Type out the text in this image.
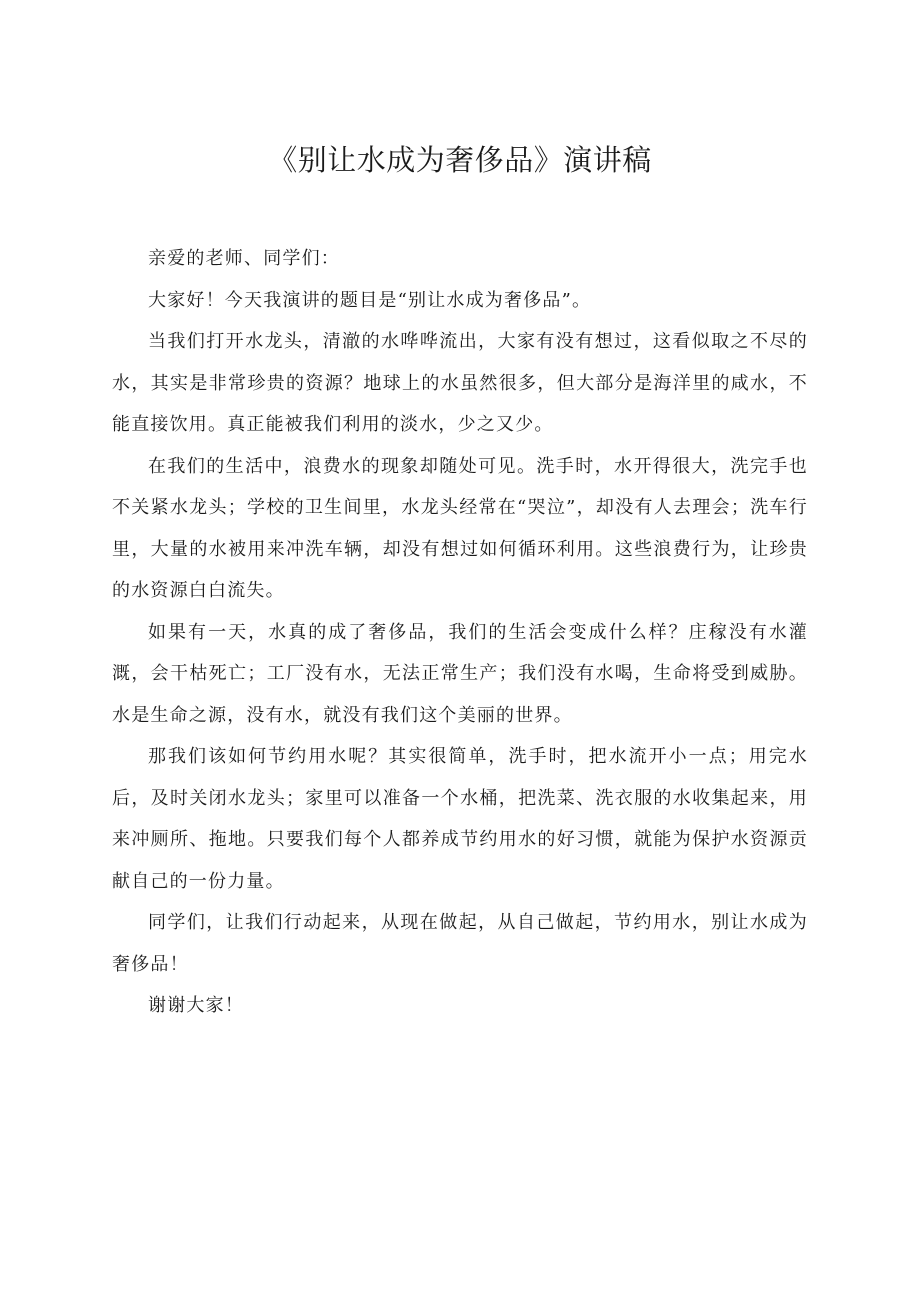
《别让水成为奢侈品》演讲稿

亲爱的老师、同学们：

大家好！今天我演讲的题目是“别让水成为奢侈品”。

当我们打开水龙头，清澈的水哗哗流出，大家有没有想过，这看似取之不尽的水，其实是非常珍贵的资源？地球上的水虽然很多，但大部分是海洋里的咸水，不能直接饮用。真正能被我们利用的淡水，少之又少。

在我们的生活中，浪费水的现象却随处可见。洗手时，水开得很大，洗完手也不关紧水龙头；学校的卫生间里，水龙头经常在“哭泣”，却没有人去理会；洗车行里，大量的水被用来冲洗车辆，却没有想过如何循环利用。这些浪费行为，让珍贵的水资源白白流失。

如果有一天，水真的成了奢侈品，我们的生活会变成什么样？庄稼没有水灌溉，会干枯死亡；工厂没有水，无法正常生产；我们没有水喝，生命将受到威胁。水是生命之源，没有水，就没有我们这个美丽的世界。

那我们该如何节约用水呢？其实很简单，洗手时，把水流开小一点；用完水后，及时关闭水龙头；家里可以准备一个水桶，把洗菜、洗衣服的水收集起来，用来冲厕所、拖地。只要我们每个人都养成节约用水的好习惯，就能为保护水资源贡献自己的一份力量。

同学们，让我们行动起来，从现在做起，从自己做起，节约用水，别让水成为奢侈品！

谢谢大家！
